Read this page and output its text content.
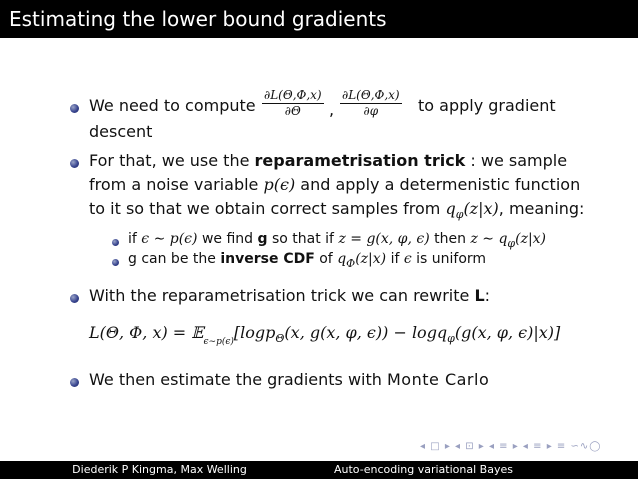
Estimating the lower bound gradients
We need to compute $\frac{\partial L(\Theta,\Phi,x)}{\partial\Theta}$ , $\frac{\partial L(\Theta,\Phi,x)}{\partial\varphi}$ to apply gradient
descent
For that, we use the reparametrisation trick : we sample
from a noise variable p(ϵ) and apply a determenistic function
to it so that we obtain correct samples from $q_\varphi(z|x)$, meaning:
if ϵ ∼ p(ϵ) we find g so that if z = g(x, φ, ϵ) then z ∼ $q_\varphi(z|x)$
g can be the inverse CDF of $q_\Phi(z|x)$ if ϵ is uniform
With the reparametrisation trick we can rewrite L:
L(Θ, Φ, x) = 𝔼$_{\epsilon\sim p(\epsilon)}$[logp$_\Theta$(x, g(x, φ, ϵ)) − logq$_\varphi$(g(x, φ, ϵ)|x)]
We then estimate the gradients with Monte Carlo
◂ □ ▸ ◂ ⊡ ▸ ◂ ≡ ▸ ◂ ≡ ▸ ≡ ∽∿◯
Diederik P Kingma, Max Welling	Auto-encoding variational Bayes
